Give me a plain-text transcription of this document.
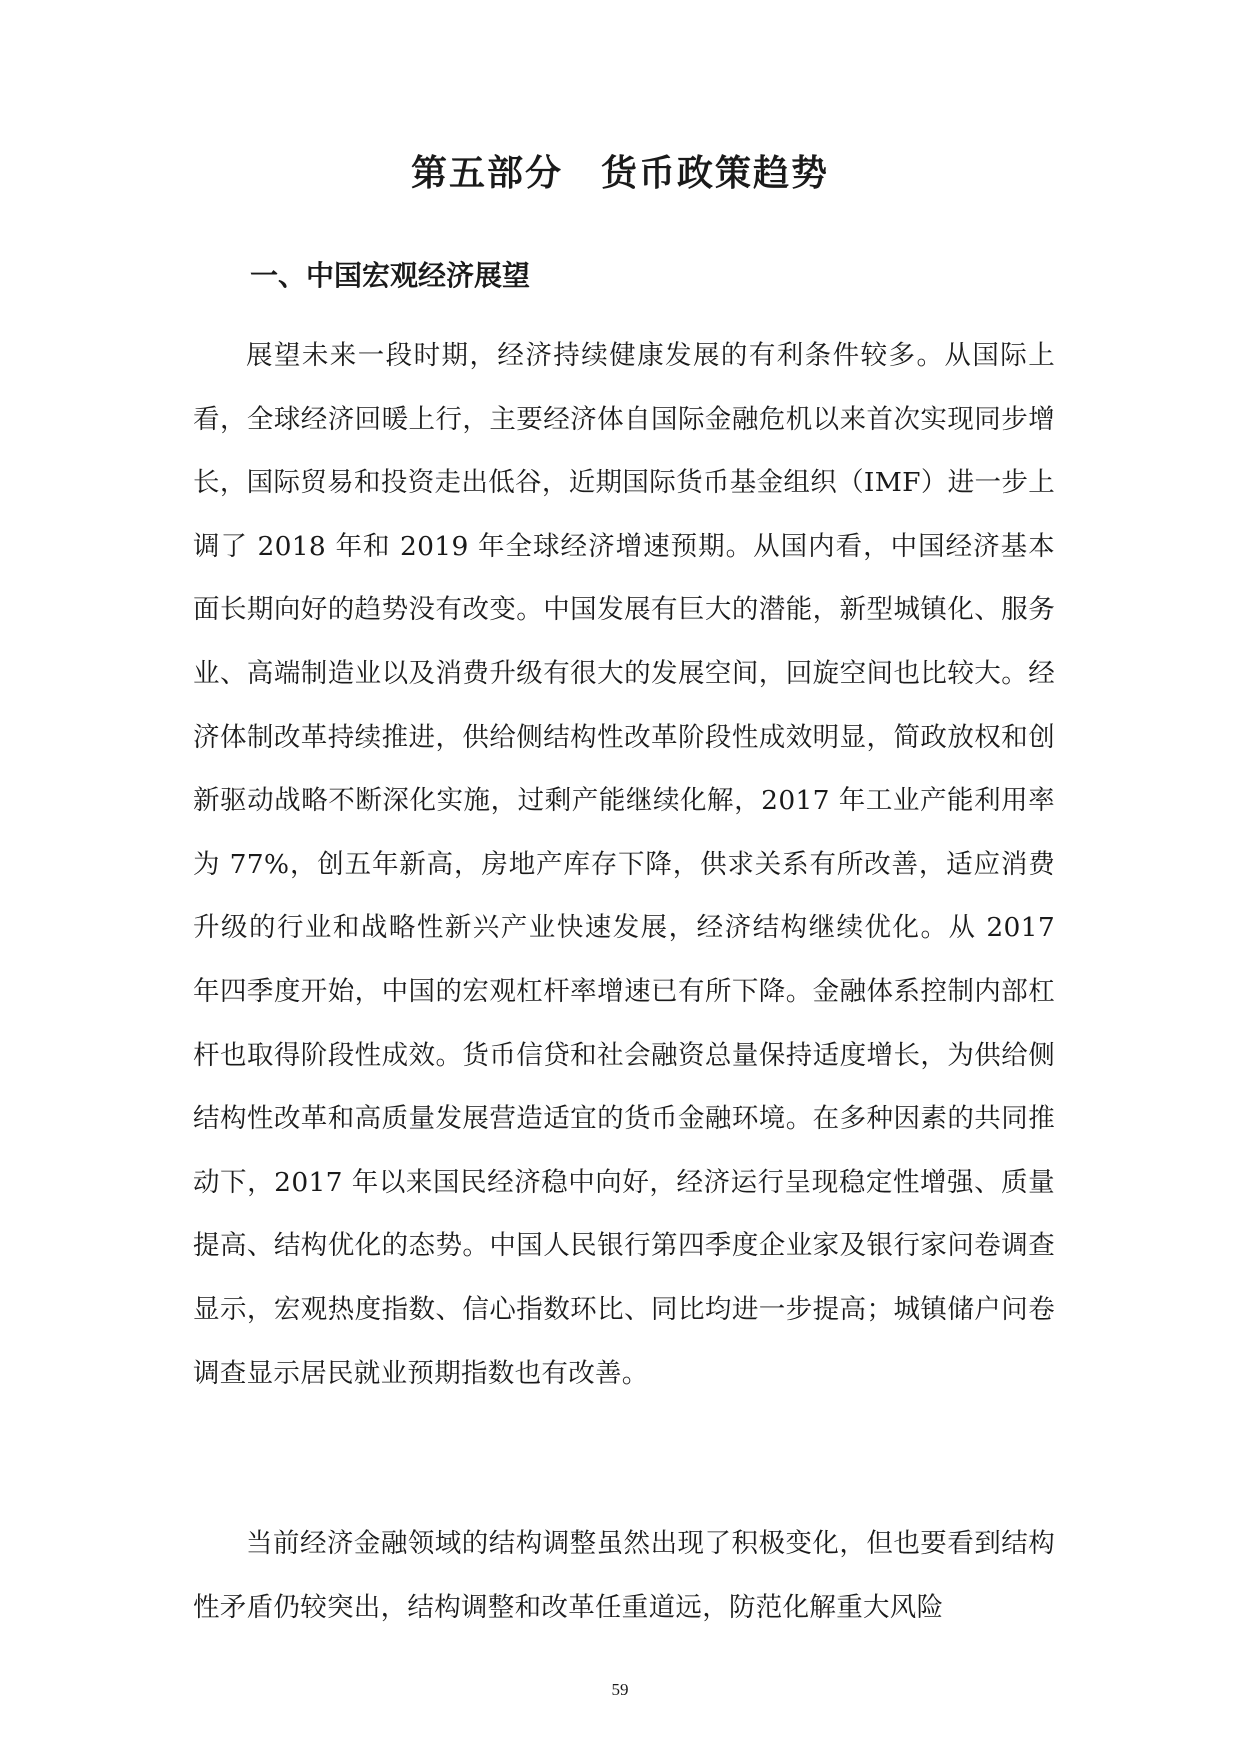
第五部分　货币政策趋势
一、中国宏观经济展望

展望未来一段时期，经济持续健康发展的有利条件较多。从国际上看，全球经济回暖上行，主要经济体自国际金融危机以来首次实现同步增长，国际贸易和投资走出低谷，近期国际货币基金组织（IMF）进一步上调了 2018 年和 2019 年全球经济增速预期。从国内看，中国经济基本面长期向好的趋势没有改变。中国发展有巨大的潜能，新型城镇化、服务业、高端制造业以及消费升级有很大的发展空间，回旋空间也比较大。经济体制改革持续推进，供给侧结构性改革阶段性成效明显，简政放权和创新驱动战略不断深化实施，过剩产能继续化解，2017 年工业产能利用率为 77%，创五年新高，房地产库存下降，供求关系有所改善，适应消费升级的行业和战略性新兴产业快速发展，经济结构继续优化。从 2017 年四季度开始，中国的宏观杠杆率增速已有所下降。金融体系控制内部杠杆也取得阶段性成效。货币信贷和社会融资总量保持适度增长，为供给侧结构性改革和高质量发展营造适宜的货币金融环境。在多种因素的共同推动下，2017 年以来国民经济稳中向好，经济运行呈现稳定性增强、质量提高、结构优化的态势。中国人民银行第四季度企业家及银行家问卷调查显示，宏观热度指数、信心指数环比、同比均进一步提高；城镇储户问卷调查显示居民就业预期指数也有改善。

当前经济金融领域的结构调整虽然出现了积极变化，但也要看到结构性矛盾仍较突出，结构调整和改革任重道远，防范化解重大风险

59
